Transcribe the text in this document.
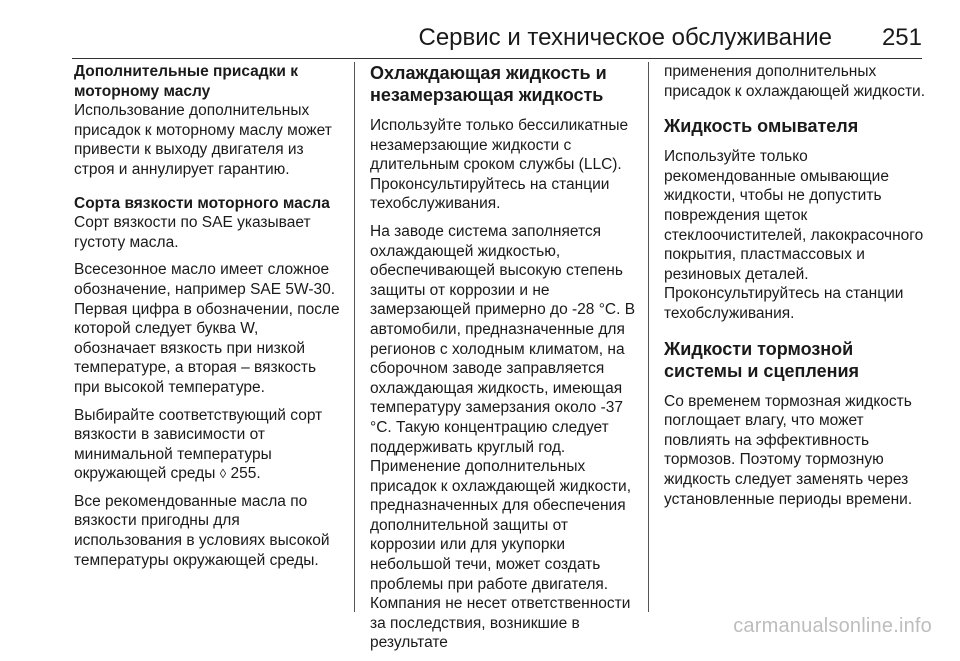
Сервис и техническое обслуживание 251
Дополнительные присадки к моторному маслу

Использование дополнительных присадок к моторному маслу может привести к выходу двигателя из строя и аннулирует гарантию.

Сорта вязкости моторного масла

Сорт вязкости по SAE указывает густоту масла.

Всесезонное масло имеет сложное обозначение, например SAE 5W-30. Первая цифра в обозначении, после которой следует буква W, обозначает вязкость при низкой температуре, а вторая – вязкость при высокой температуре.

Выбирайте соответствующий сорт вязкости в зависимости от минимальной температуры окружающей среды ◊ 255.

Все рекомендованные масла по вязкости пригодны для использования в условиях высокой температуры окружающей среды.

Охлаждающая жидкость и незамерзающая жидкость

Используйте только бессиликатные незамерзающие жидкости с длительным сроком службы (LLC). Проконсультируйтесь на станции техобслуживания.

На заводе система заполняется охлаждающей жидкостью, обеспечивающей высокую степень защиты от коррозии и не замерзающей примерно до -28 °C. В автомобили, предназначенные для регионов с холодным климатом, на сборочном заводе заправляется охлаждающая жидкость, имеющая температуру замерзания около -37 °C. Такую концентрацию следует поддерживать круглый год. Применение дополнительных присадок к охлаждающей жидкости, предназначенных для обеспечения дополнительной защиты от коррозии или для укупорки небольшой течи, может создать проблемы при работе двигателя. Компания не несет ответственности за последствия, возникшие в результате

применения дополнительных присадок к охлаждающей жидкости.

Жидкость омывателя

Используйте только рекомендованные омывающие жидкости, чтобы не допустить повреждения щеток стеклоочистителей, лакокрасочного покрытия, пластмассовых и резиновых деталей. Проконсультируйтесь на станции техобслуживания.

Жидкости тормозной системы и сцепления

Со временем тормозная жидкость поглощает влагу, что может повлиять на эффективность тормозов. Поэтому тормозную жидкость следует заменять через установленные периоды времени.

carmanualsonline.info
